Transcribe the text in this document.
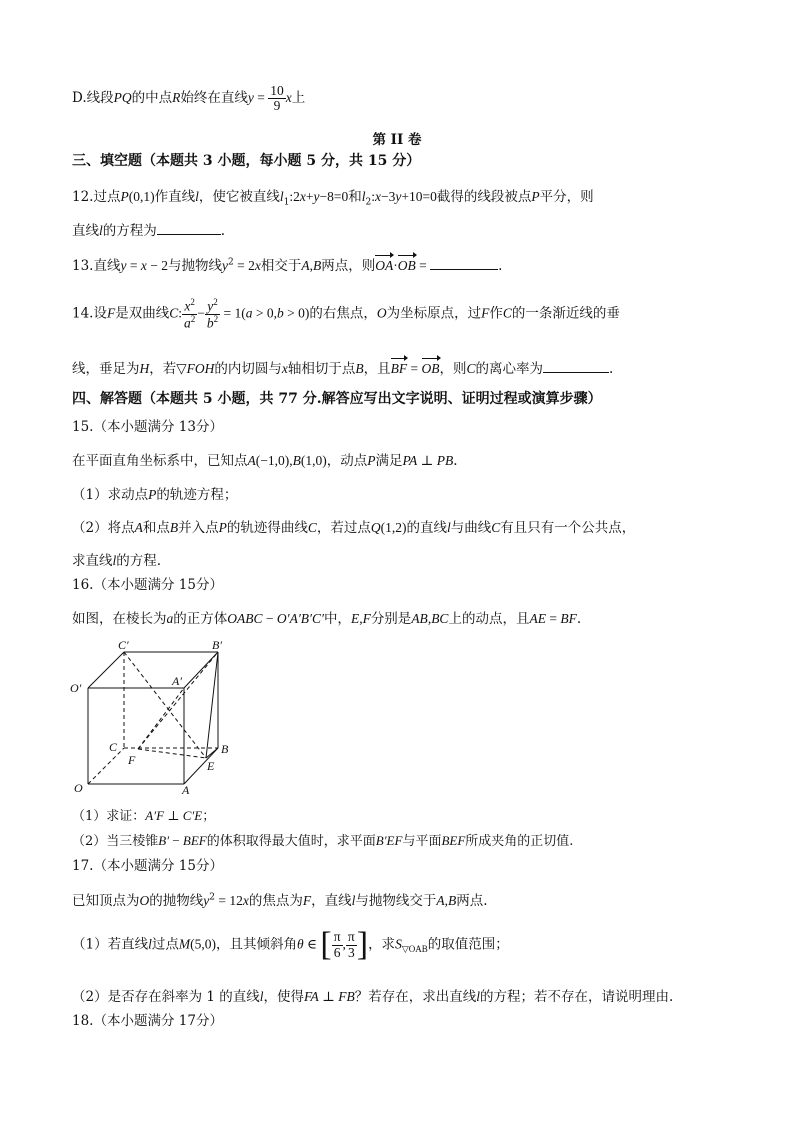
D.线段PQ的中点R始终在直线$y = \frac{10}{9}$ x上
第 II 卷
三、填空题（本题共 3 小题，每小题 5 分，共 15 分）
12.过点P(0,1)作直线l，使它被直线$l_1:2x+y-8=0$和$l_2:x-3y+10=0$截得的线段被点P平分，则
直线l的方程为	.
13.直线y = x − 2与抛物线$y^2 = 2x$相交于A,B两点，则OA·OB =	.
14.设F是双曲线C: $\frac{x^2}{a^2} - \frac{y^2}{b^2} = 1(a > 0,b > 0)$的右焦点，O为坐标原点，过F作C的一条渐近线的垂
线，垂足为H，若▽FOH的内切圆与x轴相切于点B，且BF = OB，则C的离心率为	.
四、解答题（本题共 5 小题，共 77 分.解答应写出文字说明、证明过程或演算步骤）
15.（本小题满分 13分）
在平面直角坐标系中，已知点A(−1,0),B(1,0)，动点P满足PA ⊥ PB.
（1）求动点P的轨迹方程；
（2）将点A和点B并入点P的轨迹得曲线C，若过点Q(1,2)的直线l与曲线C有且只有一个公共点，
求直线l的方程.
16.（本小题满分 15分）
如图，在棱长为a的正方体OABC − O′A′B′C′中，E,F分别是AB,BC上的动点，且AE = BF.
C′	B′
O′	A′
C	B
F	E
O	A
（1）求证：A′F ⊥ C′E；
（2）当三棱锥B′ − BEF的体积取得最大值时，求平面B′EF与平面BEF所成夹角的正切值.
17.（本小题满分 15分）
已知顶点为O的抛物线$y^2 = 12x$的焦点为F，直线l与抛物线交于A,B两点.
（1）若直线l过点M(5,0)，且其倾斜角θ ∈ [ $\frac{\pi}{6}$ , $\frac{\pi}{3}$ ]，求$S_{▽OAB}$的取值范围；
（2）是否存在斜率为 1 的直线l，使得FA ⊥ FB？若存在，求出直线l的方程；若不存在，请说明理由.
18.（本小题满分 17分）
